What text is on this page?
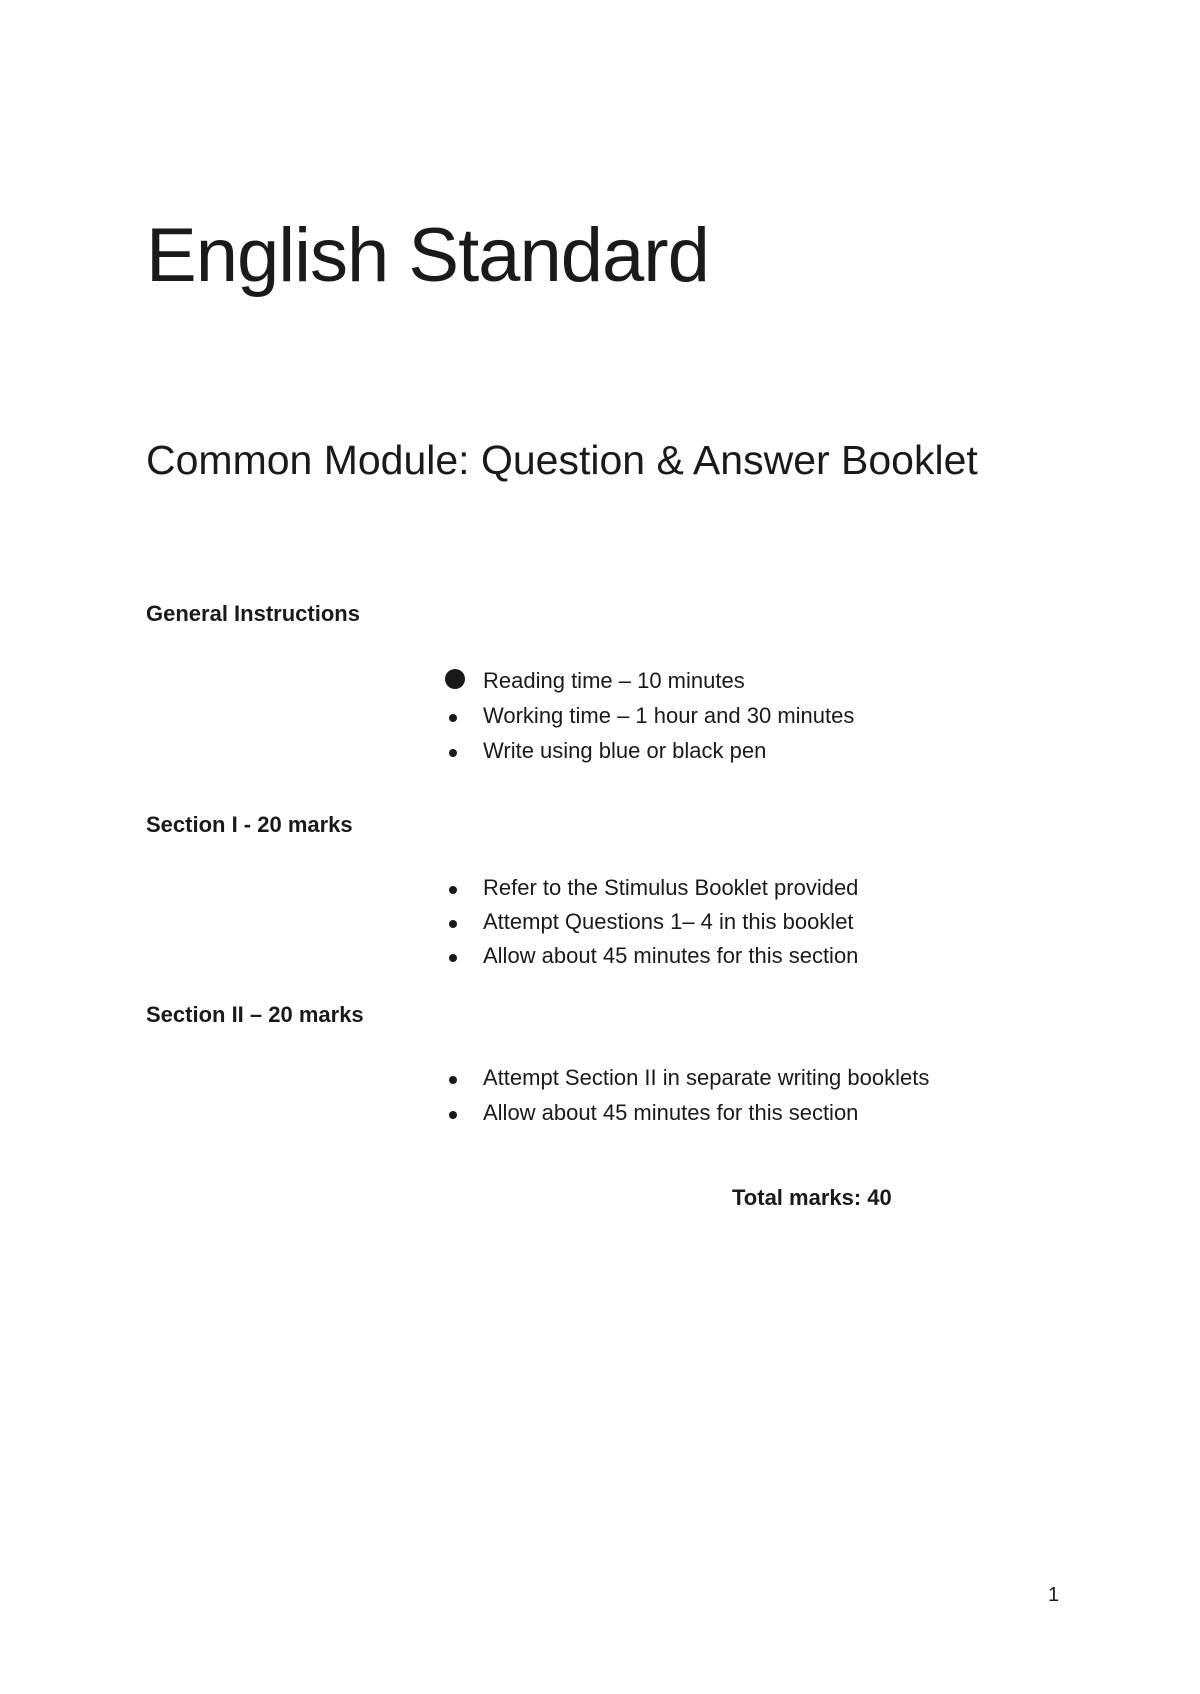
English Standard
Common Module: Question & Answer Booklet
General Instructions
Reading time – 10 minutes
Working time – 1 hour and 30 minutes
Write using blue or black pen
Section I - 20 marks
Refer to the Stimulus Booklet provided
Attempt Questions 1– 4 in this booklet
Allow about 45 minutes for this section
Section II – 20 marks
Attempt Section II in separate writing booklets
Allow about 45 minutes for this section

Total marks: 40

1
